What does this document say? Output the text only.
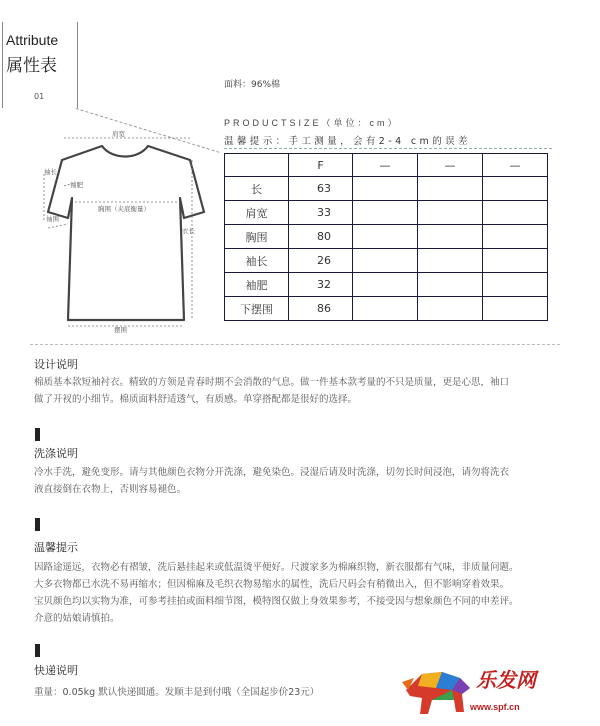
Attribute
属性表
01
面料：96%棉
肩宽
袖长
袖肥
胸围（夹底衡量）
衣长
袖围
摆围
PRODUCTSIZE（单位：cm）
温馨提示：手工测量，会有2-4 cm的误差
	F	—	—	—
长	63			
肩宽	33			
胸围	80			
袖长	26			
袖肥	32			
下摆围	86			
设计说明
棉质基本款短袖衬衣。精致的方领是青春时期不会消散的气息。做一件基本款考量的不只是质量，更是心思，袖口
做了开衩的小细节。棉质面料舒适透气，有质感。单穿搭配都是很好的选择。
洗涤说明
冷水手洗，避免变形。请与其他颜色衣物分开洗涤，避免染色。浸湿后请及时洗涤，切勿长时间浸泡，请勿将洗衣
液直接倒在衣物上，否则容易褪色。
温馨提示
因路途遥远，衣物必有褶皱，洗后悬挂起来或低温烫平便好。尺渡家多为棉麻织物，新衣服都有气味，非质量问题。
大多衣物都已水洗不易再缩水；但因棉麻及毛织衣物易缩水的属性，洗后尺码会有稍微出入，但不影响穿着效果。
宝贝颜色均以实物为准，可参考挂拍或面料细节图，模特图仅做上身效果参考，不接受因与想象颜色不同的申差评。
介意的姑娘请慎拍。
快递说明
重量：0.05kg 默认快递圆通。发顺丰是到付哦（全国起步价23元）
乐发网
www.spf.cn
